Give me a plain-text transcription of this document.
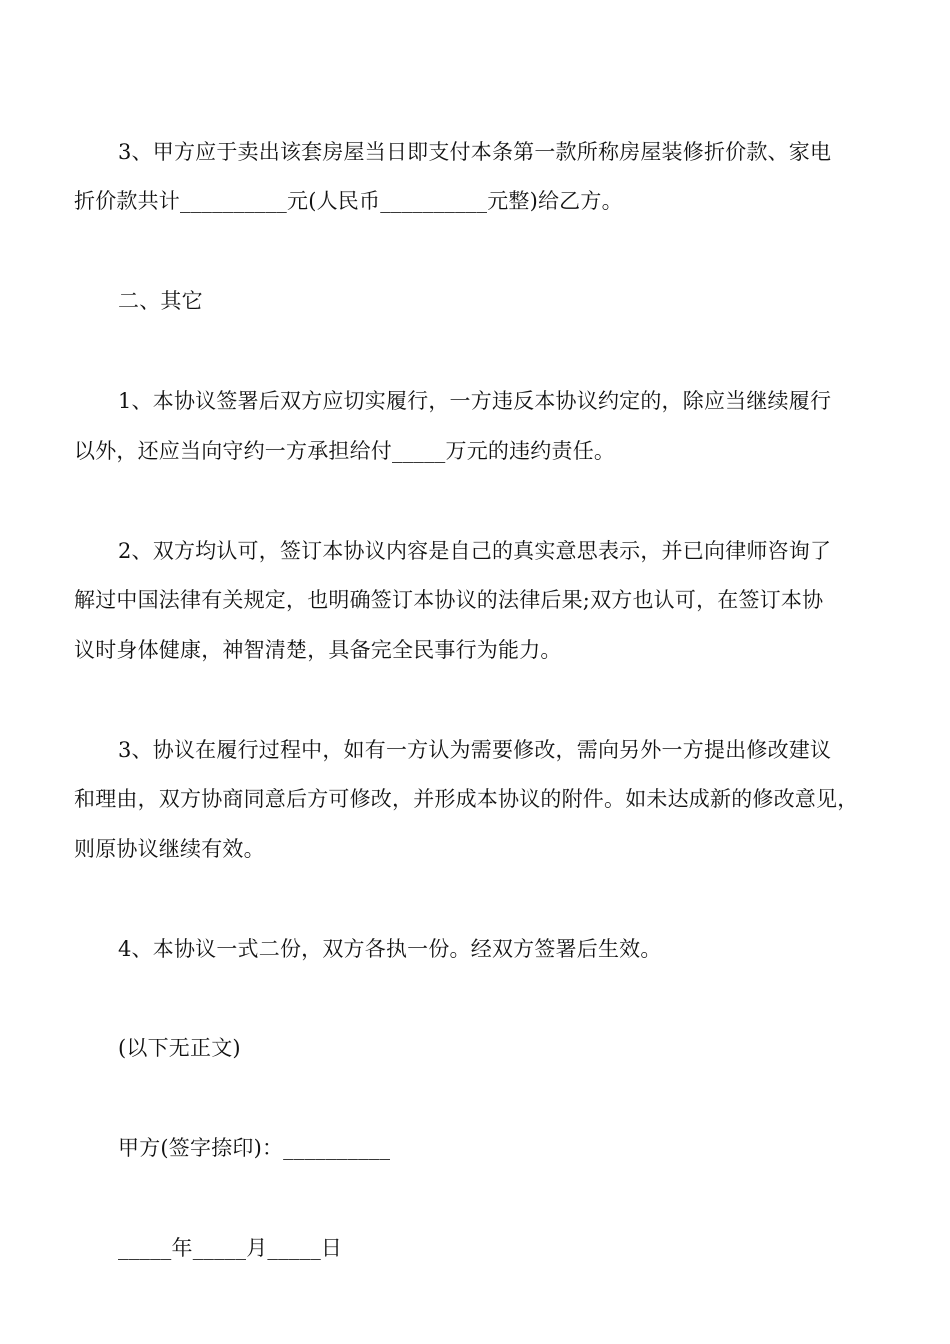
3、甲方应于卖出该套房屋当日即支付本条第一款所称房屋装修折价款、家电
折价款共计__________元(人民币__________元整)给乙方。
二、其它
1、本协议签署后双方应切实履行，一方违反本协议约定的，除应当继续履行
以外，还应当向守约一方承担给付_____万元的违约责任。
2、双方均认可，签订本协议内容是自己的真实意思表示，并已向律师咨询了
解过中国法律有关规定，也明确签订本协议的法律后果;双方也认可，在签订本协
议时身体健康，神智清楚，具备完全民事行为能力。
3、协议在履行过程中，如有一方认为需要修改，需向另外一方提出修改建议
和理由，双方协商同意后方可修改，并形成本协议的附件。如未达成新的修改意见，
则原协议继续有效。
4、本协议一式二份，双方各执一份。经双方签署后生效。
(以下无正文)
甲方(签字捺印)：__________
_____年_____月_____日
